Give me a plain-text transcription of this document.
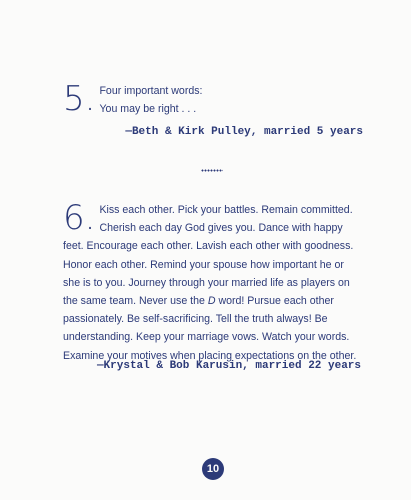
5. Four important words:
You may be right . . .
—Beth & Kirk Pulley, married 5 years
6. Kiss each other. Pick your battles. Remain committed. Cherish each day God gives you. Dance with happy feet. Encourage each other. Lavish each other with goodness. Honor each other. Remind your spouse how important he or she is to you. Journey through your married life as players on the same team. Never use the D word! Pursue each other passionately. Be self-sacrificing. Tell the truth always! Be understanding. Keep your marriage vows. Watch your words. Examine your motives when placing expectations on the other.
—Krystal & Bob Karusin, married 22 years
10
